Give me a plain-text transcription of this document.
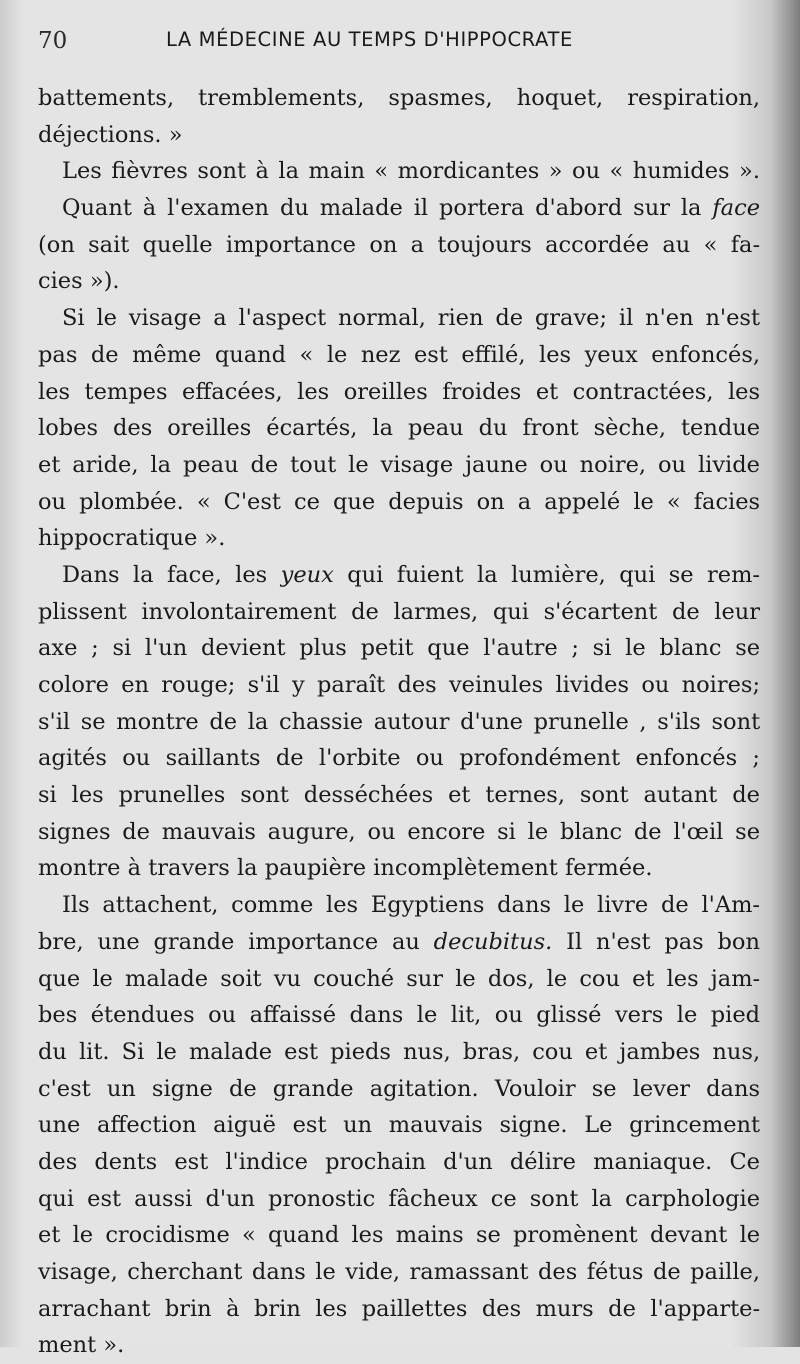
70	LA MÉDECINE AU TEMPS D'HIPPOCRATE
battements, tremblements, spasmes, hoquet, respiration,
déjections. »
Les fièvres sont à la main « mordicantes » ou « humides ».
Quant à l'examen du malade il portera d'abord sur la face
(on sait quelle importance on a toujours accordée au « fa-
cies »).
Si le visage a l'aspect normal, rien de grave; il n'en n'est
pas de même quand « le nez est effilé, les yeux enfoncés,
les tempes effacées, les oreilles froides et contractées, les
lobes des oreilles écartés, la peau du front sèche, tendue
et aride, la peau de tout le visage jaune ou noire, ou livide
ou plombée. « C'est ce que depuis on a appelé le « facies
hippocratique ».
Dans la face, les yeux qui fuient la lumière, qui se rem-
plissent involontairement de larmes, qui s'écartent de leur
axe ; si l'un devient plus petit que l'autre ; si le blanc se
colore en rouge; s'il y paraît des veinules livides ou noires;
s'il se montre de la chassie autour d'une prunelle , s'ils sont
agités ou saillants de l'orbite ou profondément enfoncés ;
si les prunelles sont desséchées et ternes, sont autant de
signes de mauvais augure, ou encore si le blanc de l'œil se
montre à travers la paupière incomplètement fermée.
Ils attachent, comme les Egyptiens dans le livre de l'Am-
bre, une grande importance au decubitus. Il n'est pas bon
que le malade soit vu couché sur le dos, le cou et les jam-
bes étendues ou affaissé dans le lit, ou glissé vers le pied
du lit. Si le malade est pieds nus, bras, cou et jambes nus,
c'est un signe de grande agitation. Vouloir se lever dans
une affection aiguë est un mauvais signe. Le grincement
des dents est l'indice prochain d'un délire maniaque. Ce
qui est aussi d'un pronostic fâcheux ce sont la carphologie
et le crocidisme « quand les mains se promènent devant le
visage, cherchant dans le vide, ramassant des fétus de paille,
arrachant brin à brin les paillettes des murs de l'apparte-
ment ».
